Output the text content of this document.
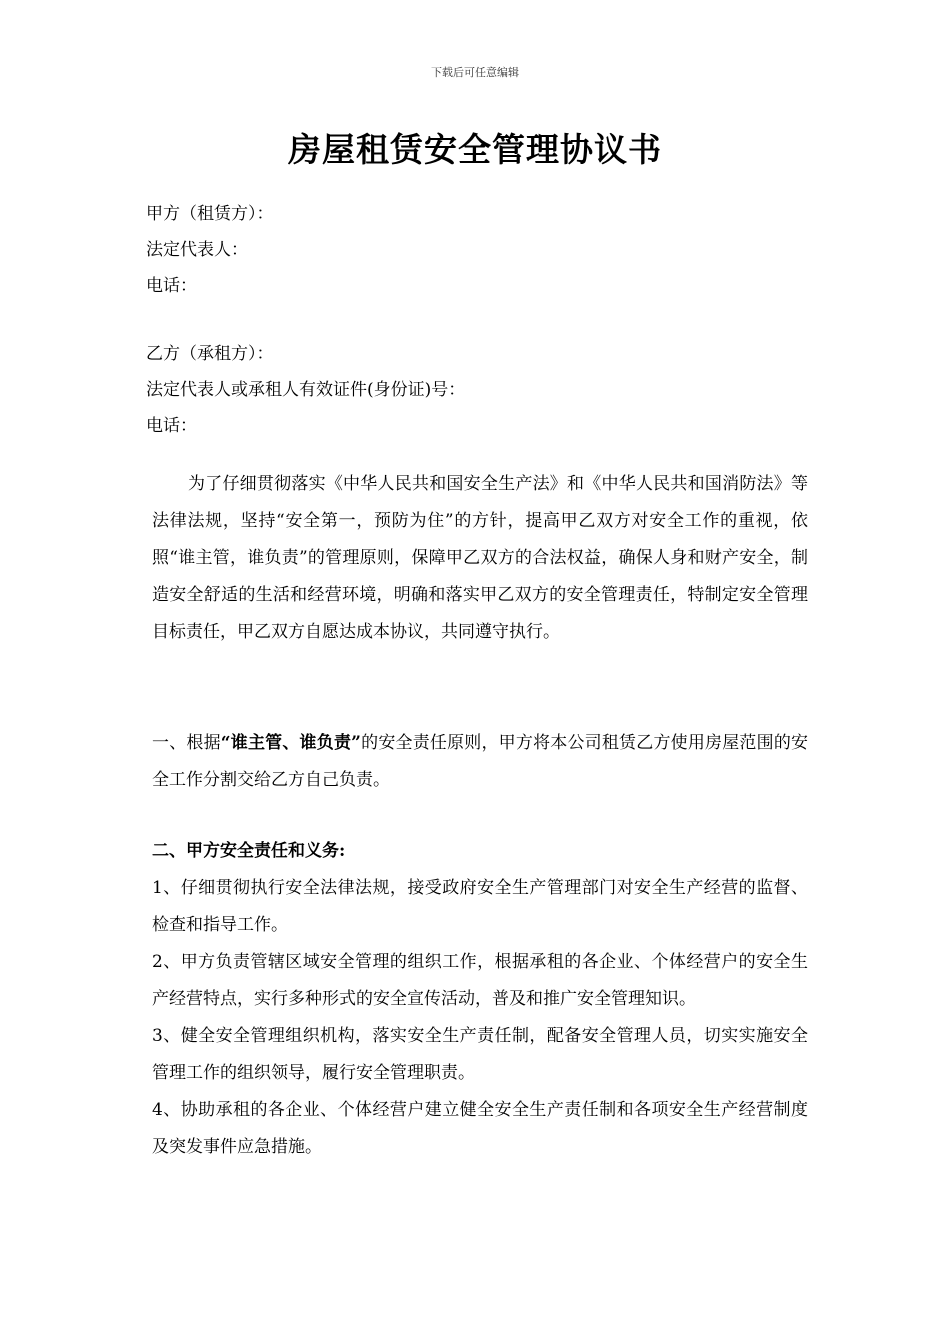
下载后可任意编辑
房屋租赁安全管理协议书
甲方（租赁方）：
法定代表人：
电话：
乙方（承租方）：
法定代表人或承租人有效证件(身份证)号：
电话：

为了仔细贯彻落实《中华人民共和国安全生产法》和《中华人民共和国消防法》等法律法规，坚持“安全第一，预防为住”的方针，提高甲乙双方对安全工作的重视，依照“谁主管，谁负责”的管理原则，保障甲乙双方的合法权益，确保人身和财产安全，制造安全舒适的生活和经营环境，明确和落实甲乙双方的安全管理责任，特制定安全管理目标责任，甲乙双方自愿达成本协议，共同遵守执行。

一、根据“谁主管、谁负责”的安全责任原则，甲方将本公司租赁乙方使用房屋范围的安全工作分割交给乙方自己负责。

二、甲方安全责任和义务:

1、仔细贯彻执行安全法律法规，接受政府安全生产管理部门对安全生产经营的监督、检查和指导工作。

2、甲方负责管辖区域安全管理的组织工作，根据承租的各企业、个体经营户的安全生产经营特点，实行多种形式的安全宣传活动，普及和推广安全管理知识。

3、健全安全管理组织机构，落实安全生产责任制，配备安全管理人员，切实实施安全管理工作的组织领导，履行安全管理职责。

4、协助承租的各企业、个体经营户建立健全安全生产责任制和各项安全生产经营制度及突发事件应急措施。
